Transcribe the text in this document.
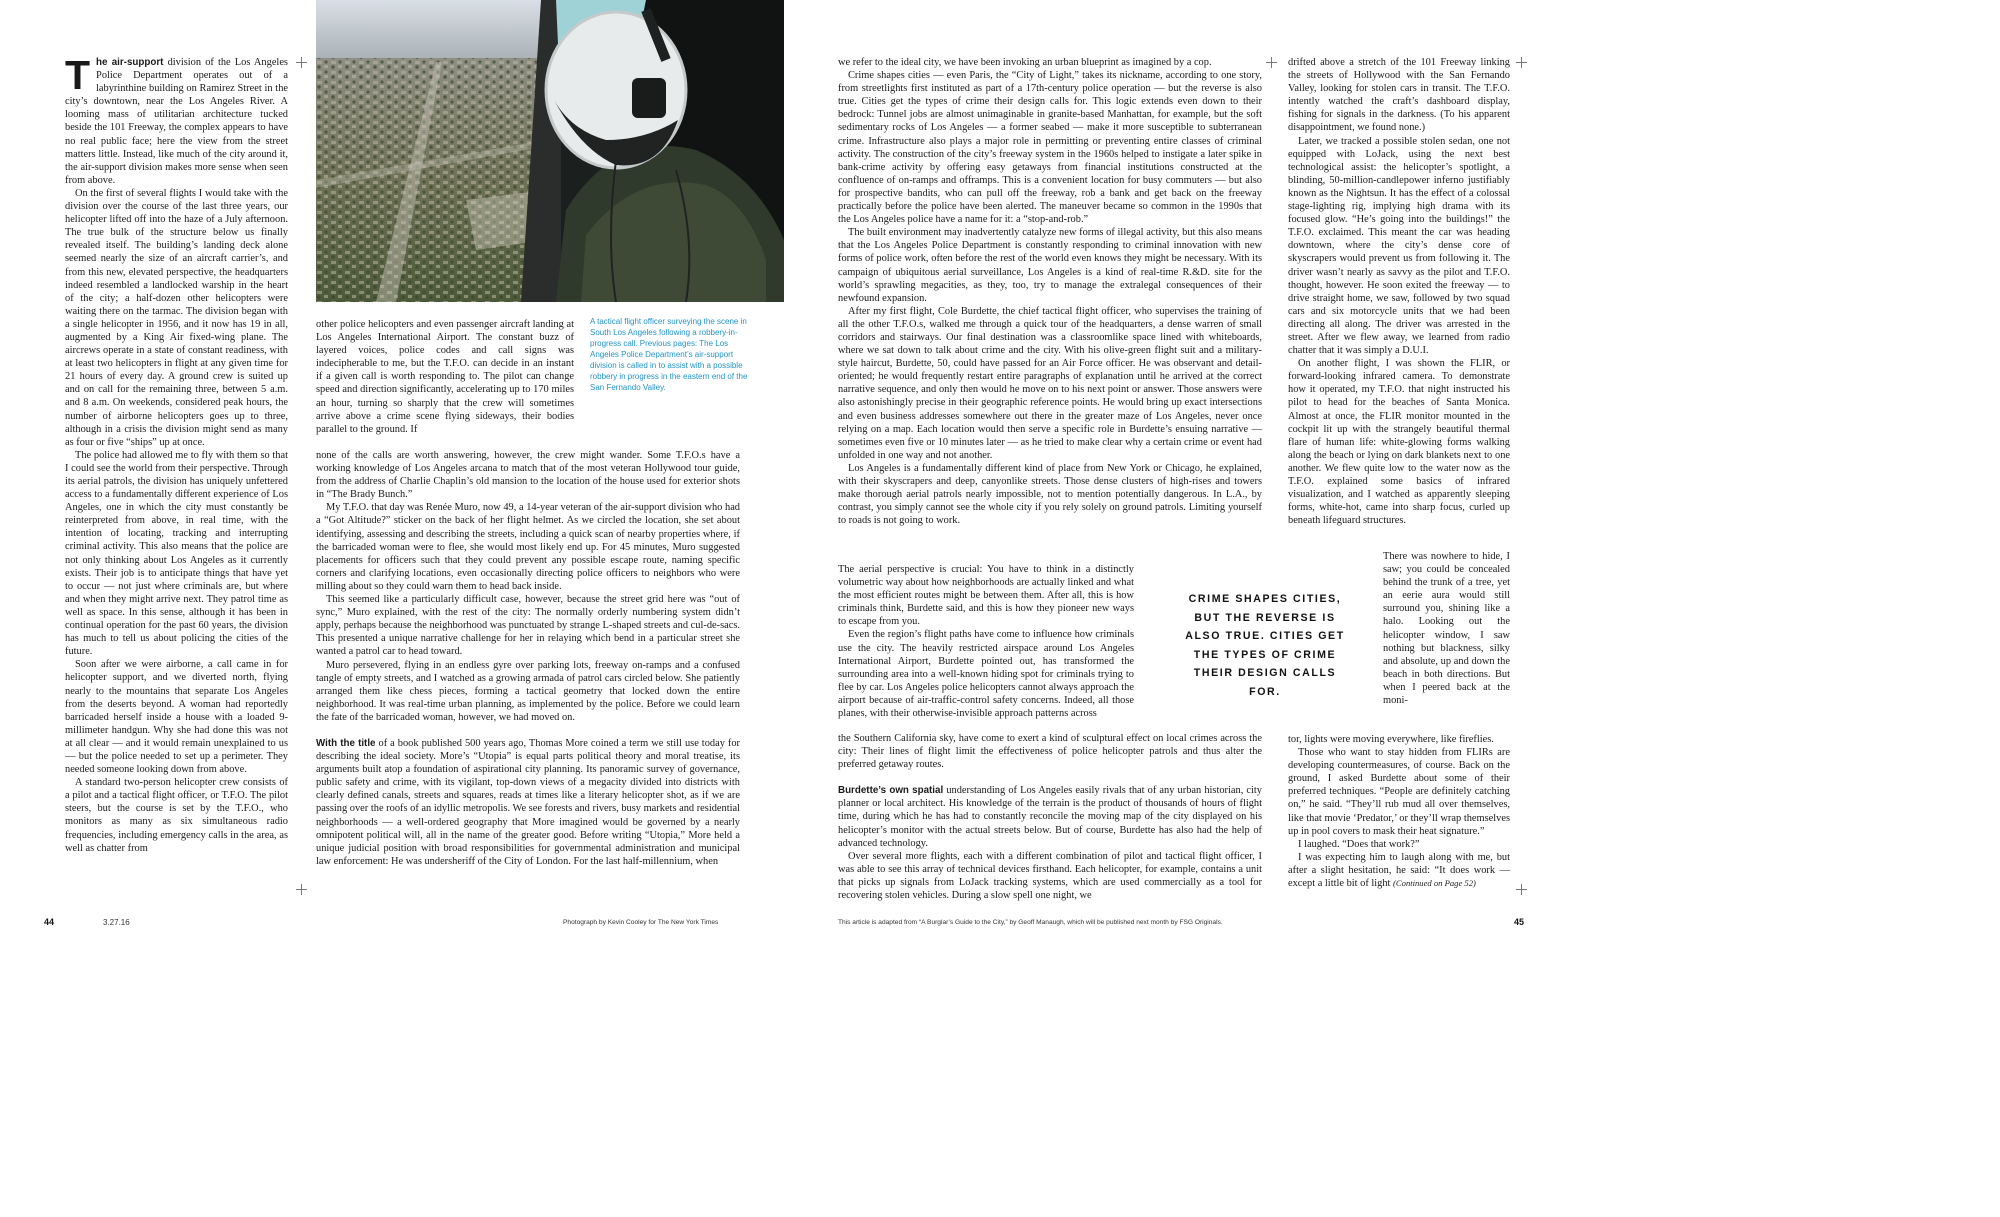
The air-support division of the Los Angeles Police Department operates out of a labyrinthine building on Ramirez Street in the city’s downtown, near the Los Angeles River. A looming mass of utilitarian architecture tucked beside the 101 Freeway, the complex appears to have no real public face; here the view from the street matters little. Instead, like much of the city around it, the air-support division makes more sense when seen from above.

On the first of several flights I would take with the division over the course of the last three years, our helicopter lifted off into the haze of a July afternoon. The true bulk of the structure below us finally revealed itself. The building’s landing deck alone seemed nearly the size of an aircraft carrier’s, and from this new, elevated perspective, the headquarters indeed resembled a landlocked warship in the heart of the city; a half-dozen other helicopters were waiting there on the tarmac. The division began with a single helicopter in 1956, and it now has 19 in all, augmented by a King Air fixed-wing plane. The aircrews operate in a state of constant readiness, with at least two helicopters in flight at any given time for 21 hours of every day. A ground crew is suited up and on call for the remaining three, between 5 a.m. and 8 a.m. On weekends, considered peak hours, the number of airborne helicopters goes up to three, although in a crisis the division might send as many as four or five “ships” up at once.

The police had allowed me to fly with them so that I could see the world from their perspective. Through its aerial patrols, the division has uniquely unfettered access to a fundamentally different experience of Los Angeles, one in which the city must constantly be reinterpreted from above, in real time, with the intention of locating, tracking and interrupting criminal activity. This also means that the police are not only thinking about Los Angeles as it currently exists. Their job is to anticipate things that have yet to occur — not just where criminals are, but where and when they might arrive next. They patrol time as well as space. In this sense, although it has been in continual operation for the past 60 years, the division has much to tell us about policing the cities of the future.

Soon after we were airborne, a call came in for helicopter support, and we diverted north, flying nearly to the mountains that separate Los Angeles from the deserts beyond. A woman had reportedly barricaded herself inside a house with a loaded 9-millimeter handgun. Why she had done this was not at all clear — and it would remain unexplained to us — but the police needed to set up a perimeter. They needed someone looking down from above.

A standard two-person helicopter crew consists of a pilot and a tactical flight officer, or T.F.O. The pilot steers, but the course is set by the T.F.O., who monitors as many as six simultaneous radio frequencies, including emergency calls in the area, as well as chatter from

A tactical flight officer surveying the scene in South Los Angeles following a robbery-in-progress call. Previous pages: The Los Angeles Police Department’s air-support division is called in to assist with a possible robbery in progress in the eastern end of the San Fernando Valley.

other police helicopters and even passenger aircraft landing at Los Angeles International Airport. The constant buzz of layered voices, police codes and call signs was indecipherable to me, but the T.F.O. can decide in an instant if a given call is worth responding to. The pilot can change speed and direction significantly, accelerating up to 170 miles an hour, turning so sharply that the crew will sometimes arrive above a crime scene flying sideways, their bodies parallel to the ground. If

none of the calls are worth answering, however, the crew might wander. Some T.F.O.s have a working knowledge of Los Angeles arcana to match that of the most veteran Hollywood tour guide, from the address of Charlie Chaplin’s old mansion to the location of the house used for exterior shots in “The Brady Bunch.”

My T.F.O. that day was Renée Muro, now 49, a 14-year veteran of the air-support division who had a “Got Altitude?” sticker on the back of her flight helmet. As we circled the location, she set about identifying, assessing and describing the streets, including a quick scan of nearby properties where, if the barricaded woman were to flee, she would most likely end up. For 45 minutes, Muro suggested placements for officers such that they could prevent any possible escape route, naming specific corners and clarifying locations, even occasionally directing police officers to neighbors who were milling about so they could warn them to head back inside.

This seemed like a particularly difficult case, however, because the street grid here was “out of sync,” Muro explained, with the rest of the city: The normally orderly numbering system didn’t apply, perhaps because the neighborhood was punctuated by strange L-shaped streets and cul-de-sacs. This presented a unique narrative challenge for her in relaying which bend in a particular street she wanted a patrol car to head toward.

Muro persevered, flying in an endless gyre over parking lots, freeway on-ramps and a confused tangle of empty streets, and I watched as a growing armada of patrol cars circled below. She patiently arranged them like chess pieces, forming a tactical geometry that locked down the entire neighborhood. It was real-time urban planning, as implemented by the police. Before we could learn the fate of the barricaded woman, however, we had moved on.

With the title of a book published 500 years ago, Thomas More coined a term we still use today for describing the ideal society. More’s “Utopia” is equal parts political theory and moral treatise, its arguments built atop a foundation of aspirational city planning. Its panoramic survey of governance, public safety and crime, with its vigilant, top-down views of a megacity divided into districts with clearly defined canals, streets and squares, reads at times like a literary helicopter shot, as if we are passing over the roofs of an idyllic metropolis. We see forests and rivers, busy markets and residential neighborhoods — a well-ordered geography that More imagined would be governed by a nearly omnipotent political will, all in the name of the greater good. Before writing “Utopia,” More held a unique judicial position with broad responsibilities for governmental administration and municipal law enforcement: He was undersheriff of the City of London. For the last half-millennium, when

we refer to the ideal city, we have been invoking an urban blueprint as imagined by a cop.

Crime shapes cities — even Paris, the “City of Light,” takes its nickname, according to one story, from streetlights first instituted as part of a 17th-century police operation — but the reverse is also true. Cities get the types of crime their design calls for. This logic extends even down to their bedrock: Tunnel jobs are almost unimaginable in granite-based Manhattan, for example, but the soft sedimentary rocks of Los Angeles — a former seabed — make it more susceptible to subterranean crime. Infrastructure also plays a major role in permitting or preventing entire classes of criminal activity. The construction of the city’s freeway system in the 1960s helped to instigate a later spike in bank-crime activity by offering easy getaways from financial institutions constructed at the confluence of on-ramps and offramps. This is a convenient location for busy commuters — but also for prospective bandits, who can pull off the freeway, rob a bank and get back on the freeway practically before the police have been alerted. The maneuver became so common in the 1990s that the Los Angeles police have a name for it: a “stop-and-rob.”

The built environment may inadvertently catalyze new forms of illegal activity, but this also means that the Los Angeles Police Department is constantly responding to criminal innovation with new forms of police work, often before the rest of the world even knows they might be necessary. With its campaign of ubiquitous aerial surveillance, Los Angeles is a kind of real-time R.&D. site for the world’s sprawling megacities, as they, too, try to manage the extralegal consequences of their newfound expansion.

After my first flight, Cole Burdette, the chief tactical flight officer, who supervises the training of all the other T.F.O.s, walked me through a quick tour of the headquarters, a dense warren of small corridors and stairways. Our final destination was a classroomlike space lined with whiteboards, where we sat down to talk about crime and the city. With his olive-green flight suit and a military-style haircut, Burdette, 50, could have passed for an Air Force officer. He was observant and detail-oriented; he would frequently restart entire paragraphs of explanation until he arrived at the correct narrative sequence, and only then would he move on to his next point or answer. Those answers were also astonishingly precise in their geographic reference points. He would bring up exact intersections and even business addresses somewhere out there in the greater maze of Los Angeles, never once relying on a map. Each location would then serve a specific role in Burdette’s ensuing narrative — sometimes even five or 10 minutes later — as he tried to make clear why a certain crime or event had unfolded in one way and not another.

Los Angeles is a fundamentally different kind of place from New York or Chicago, he explained, with their skyscrapers and deep, canyonlike streets. Those dense clusters of high-rises and towers make thorough aerial patrols nearly impossible, not to mention potentially dangerous. In L.A., by contrast, you simply cannot see the whole city if you rely solely on ground patrols. Limiting yourself to roads is not going to work.

The aerial perspective is crucial: You have to think in a distinctly volumetric way about how neighborhoods are actually linked and what the most efficient routes might be between them. After all, this is how criminals think, Burdette said, and this is how they pioneer new ways to escape from you.

Even the region’s flight paths have come to influence how criminals use the city. The heavily restricted airspace around Los Angeles International Airport, Burdette pointed out, has transformed the surrounding area into a well-known hiding spot for criminals trying to flee by car. Los Angeles police helicopters cannot always approach the airport because of air-traffic-control safety concerns. Indeed, all those planes, with their otherwise-invisible approach patterns across

the Southern California sky, have come to exert a kind of sculptural effect on local crimes across the city: Their lines of flight limit the effectiveness of police helicopter patrols and thus alter the preferred getaway routes.

Burdette’s own spatial understanding of Los Angeles easily rivals that of any urban historian, city planner or local architect. His knowledge of the terrain is the product of thousands of hours of flight time, during which he has had to constantly reconcile the moving map of the city displayed on his helicopter’s monitor with the actual streets below. But of course, Burdette has also had the help of advanced technology.

Over several more flights, each with a different combination of pilot and tactical flight officer, I was able to see this array of technical devices firsthand. Each helicopter, for example, contains a unit that picks up signals from LoJack tracking systems, which are used commercially as a tool for recovering stolen vehicles. During a slow spell one night, we

CRIME SHAPES CITIES, BUT THE REVERSE IS ALSO TRUE. CITIES GET THE TYPES OF CRIME THEIR DESIGN CALLS FOR.

drifted above a stretch of the 101 Freeway linking the streets of Hollywood with the San Fernando Valley, looking for stolen cars in transit. The T.F.O. intently watched the craft’s dashboard display, fishing for signals in the darkness. (To his apparent disappointment, we found none.)

Later, we tracked a possible stolen sedan, one not equipped with LoJack, using the next best technological assist: the helicopter’s spotlight, a blinding, 50-million-candlepower inferno justifiably known as the Nightsun. It has the effect of a colossal stage-lighting rig, implying high drama with its focused glow. “He’s going into the buildings!” the T.F.O. exclaimed. This meant the car was heading downtown, where the city’s dense core of skyscrapers would prevent us from following it. The driver wasn’t nearly as savvy as the pilot and T.F.O. thought, however. He soon exited the freeway — to drive straight home, we saw, followed by two squad cars and six motorcycle units that we had been directing all along. The driver was arrested in the street. After we flew away, we learned from radio chatter that it was simply a D.U.I.

On another flight, I was shown the FLIR, or forward-looking infrared camera. To demonstrate how it operated, my T.F.O. that night instructed his pilot to head for the beaches of Santa Monica. Almost at once, the FLIR monitor mounted in the cockpit lit up with the strangely beautiful thermal flare of human life: white-glowing forms walking along the beach or lying on dark blankets next to one another. We flew quite low to the water now as the T.F.O. explained some basics of infrared visualization, and I watched as apparently sleeping forms, white-hot, came into sharp focus, curled up beneath lifeguard structures.

There was nowhere to hide, I saw; you could be concealed behind the trunk of a tree, yet an eerie aura would still surround you, shining like a halo. Looking out the helicopter window, I saw nothing but blackness, silky and absolute, up and down the beach in both directions. But when I peered back at the moni-

tor, lights were moving everywhere, like fireflies.

Those who want to stay hidden from FLIRs are developing countermeasures, of course. Back on the ground, I asked Burdette about some of their preferred techniques. “People are definitely catching on,” he said. “They’ll rub mud all over themselves, like that movie ‘Predator,’ or they’ll wrap themselves up in pool covers to mask their heat signature.”

I laughed. “Does that work?”

I was expecting him to laugh along with me, but after a slight hesitation, he said: “It does work — except a little bit of light (Continued on Page 52)

44	3.27.16	Photograph by Kevin Cooley for The New York Times	This article is adapted from “A Burglar’s Guide to the City,” by Geoff Manaugh, which will be published next month by FSG Originals.	45
